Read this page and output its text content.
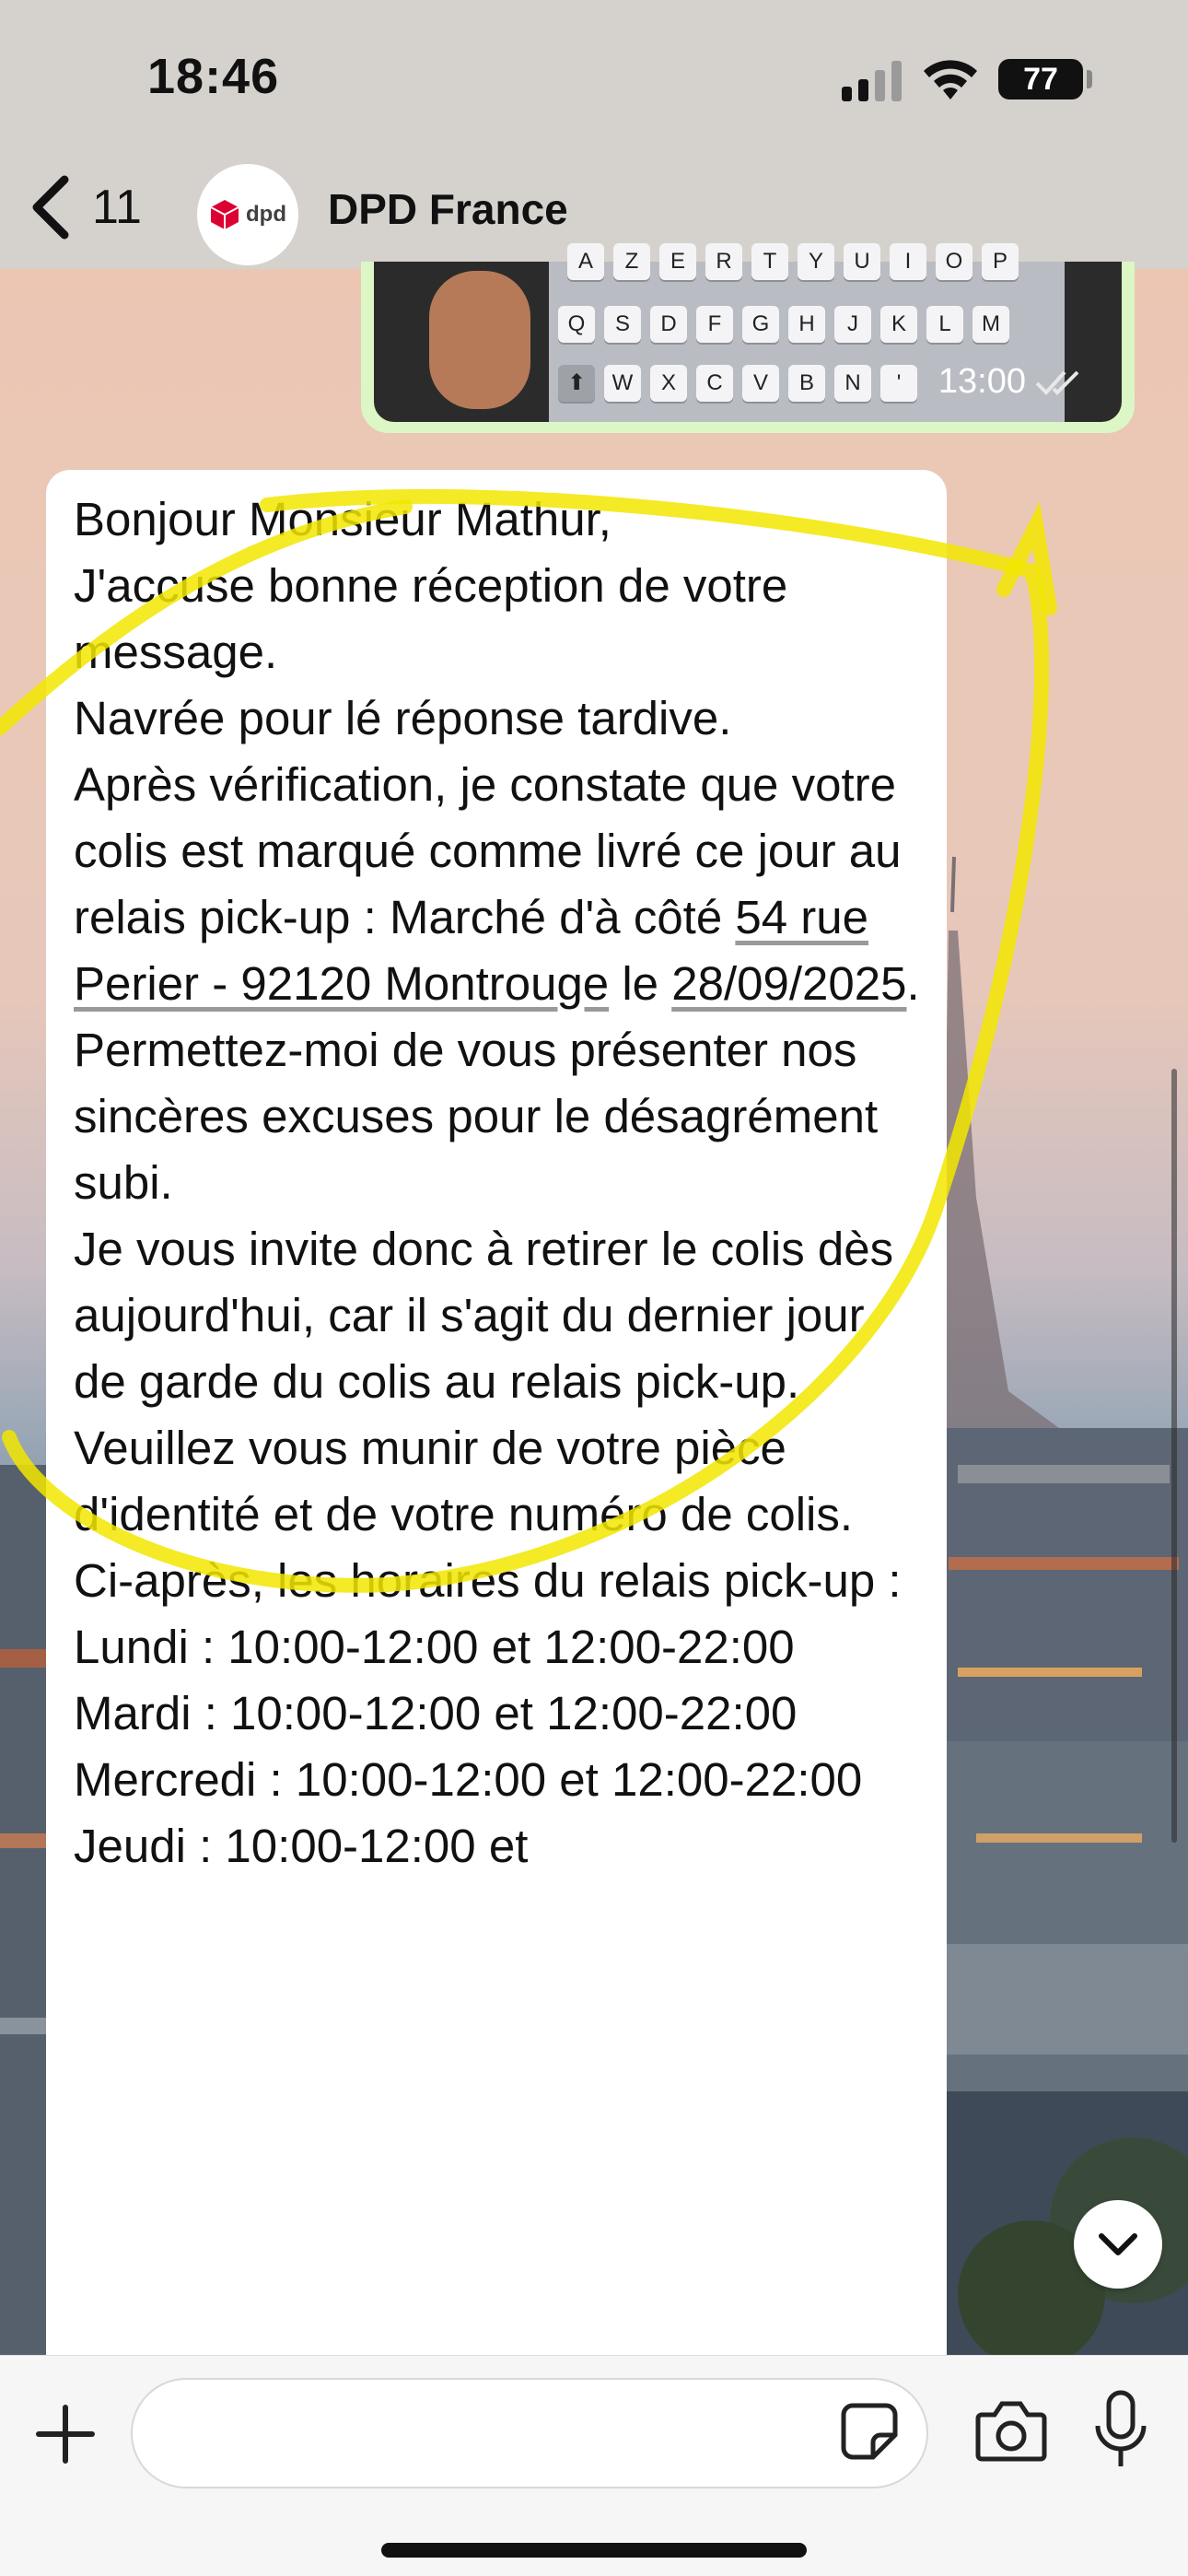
18:46	77
11	dpd DPD France
A	Z	E	R	T	Y	U	I	O	P
Q	S	D	F	G	H	J	K	L	M
⬆	W	X	C	V	B	N	'	13:00
Bonjour Monsieur Mathur,
J'accuse bonne réception de votre message.
Navrée pour lé réponse tardive.
Après vérification, je constate que votre colis est marqué comme livré ce jour au relais pick-up : Marché d'à côté 54 rue Perier - 92120 Montrouge le 28/09/2025.
Permettez-moi de vous présenter nos sincères excuses pour le désagrément subi.
Je vous invite donc à retirer le colis dès aujourd'hui, car il s'agit du dernier jour de garde du colis au relais pick-up.
Veuillez vous munir de votre pièce d'identité et de votre numéro de colis.
Ci-après, les horaires du relais pick-up :
Lundi : 10:00-12:00 et 12:00-22:00
Mardi : 10:00-12:00 et 12:00-22:00
Mercredi : 10:00-12:00 et 12:00-22:00
Jeudi : 10:00-12:00 et
